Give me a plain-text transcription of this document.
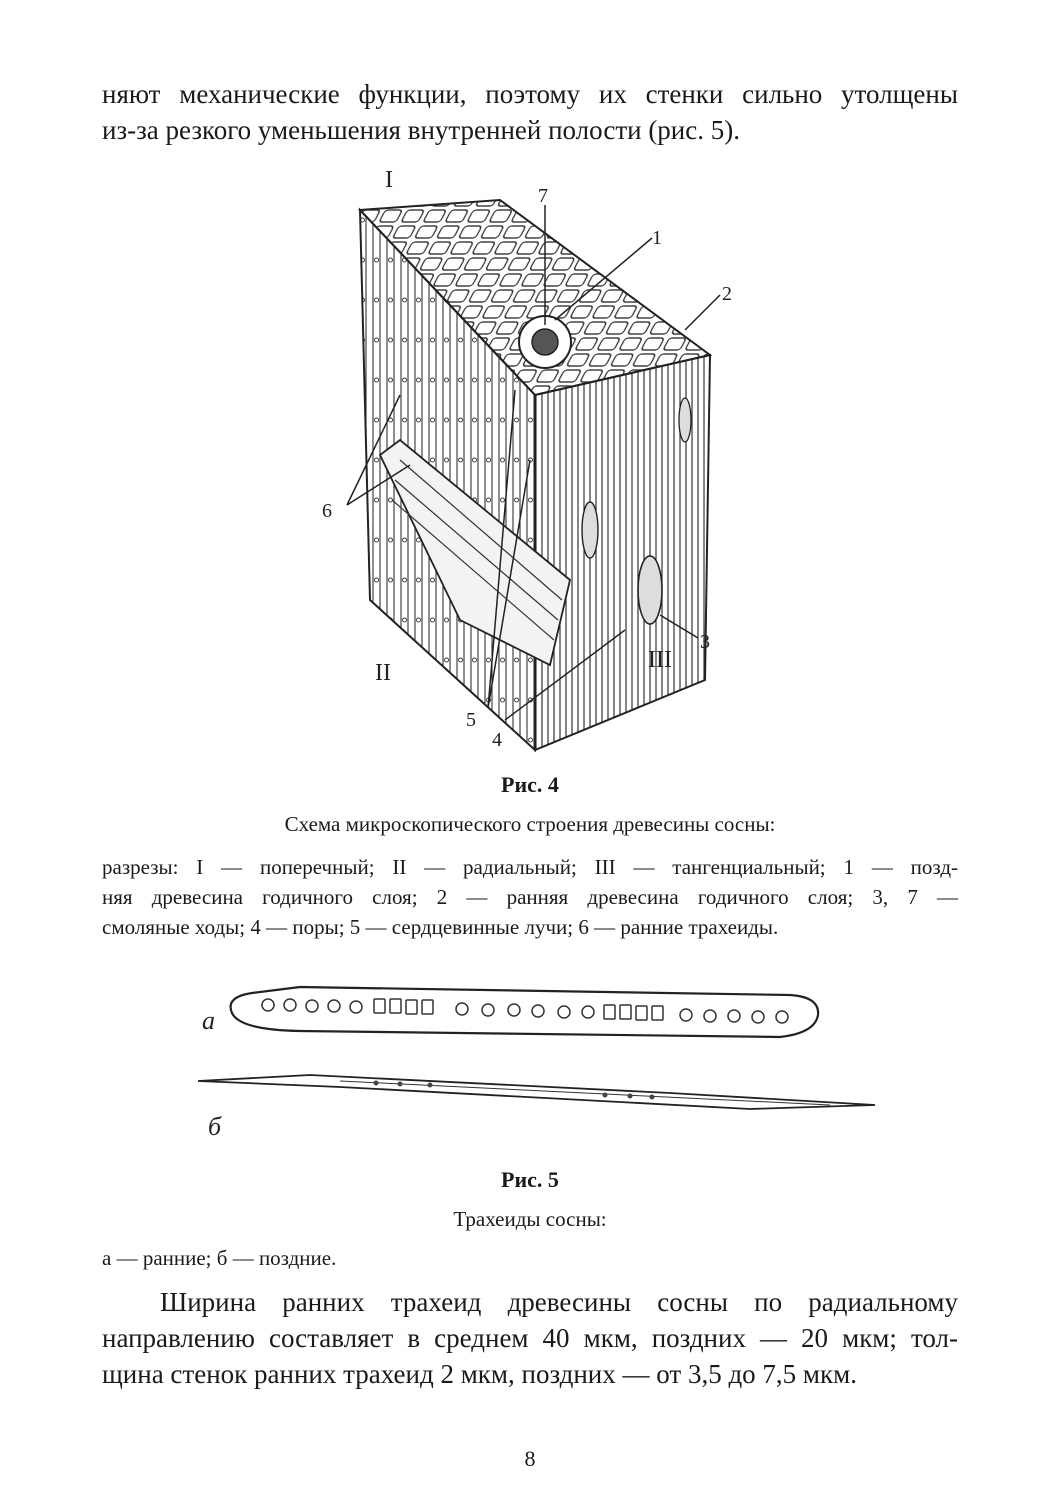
няют механические функции, поэтому их стенки сильно утолщены
из-за резкого уменьшения внутренней полости (рис. 5).

I
7
1
2
6
3
II	III
5
4

Рис. 4

Схема микроскопического строения древесины сосны:

разрезы: I — поперечный; II — радиальный; III — тангенциальный; 1 — позд-
няя древесина годичного слоя; 2 — ранняя древесина годичного слоя; 3, 7 —
смоляные ходы; 4 — поры; 5 — сердцевинные лучи; 6 — ранние трахеиды.

а
б

Рис. 5

Трахеиды сосны:

а — ранние; б — поздние.

Ширина ранних трахеид древесины сосны по радиальному
направлению составляет в среднем 40 мкм, поздних — 20 мкм; тол-
щина стенок ранних трахеид 2 мкм, поздних — от 3,5 до 7,5 мкм.

8
